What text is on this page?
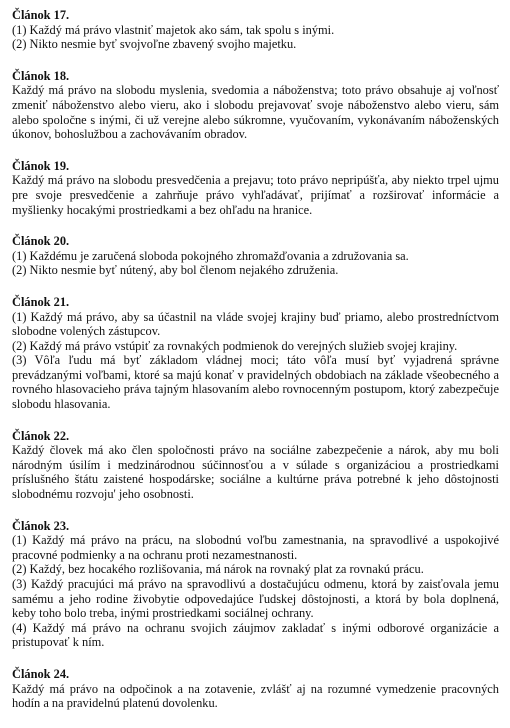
Článok 17.

(1) Každý má právo vlastniť majetok ako sám, tak spolu s inými.

(2) Nikto nesmie byť svojvoľne zbavený svojho majetku.

Článok 18.

Každý má právo na slobodu myslenia, svedomia a náboženstva; toto právo obsahuje aj voľnosť zmeniť náboženstvo alebo vieru, ako i slobodu prejavovať svoje náboženstvo alebo vieru, sám alebo spoločne s inými, či už verejne alebo súkromne, vyučovaním, vykonávaním náboženských úkonov, bohoslužbou a zachovávaním obradov.

Článok 19.

Každý má právo na slobodu presvedčenia a prejavu; toto právo nepripúšťa, aby niekto trpel ujmu pre svoje presvedčenie a zahrňuje právo vyhľadávať, prijímať a rozširovať informácie a myšlienky hocakými prostriedkami a bez ohľadu na hranice.

Článok 20.

(1) Každému je zaručená sloboda pokojného zhromažďovania a združovania sa.

(2) Nikto nesmie byť nútený, aby bol členom nejakého združenia.

Článok 21.

(1) Každý má právo, aby sa účastnil na vláde svojej krajiny buď priamo, alebo prostredníctvom slobodne volených zástupcov.

(2) Každý má právo vstúpiť za rovnakých podmienok do verejných služieb svojej krajiny.

(3) Vôľa ľudu má byť základom vládnej moci; táto vôľa musí byť vyjadrená správne prevádzanými voľbami, ktoré sa majú konať v pravidelných obdobiach na základe všeobecného a rovného hlasovacieho práva tajným hlasovaním alebo rovnocenným postupom, ktorý zabezpečuje slobodu hlasovania.

Článok 22.

Každý človek má ako člen spoločnosti právo na sociálne zabezpečenie a nárok, aby mu boli národným úsilím i medzinárodnou súčinnosťou a v súlade s organizáciou a prostriedkami príslušného štátu zaistené hospodárske; sociálne a kultúrne práva potrebné k jeho dôstojnosti slobodnému rozvoju' jeho osobnosti.

Článok 23.

(1) Každý má právo na prácu, na slobodnú voľbu zamestnania, na spravodlivé a uspokojivé pracovné podmienky a na ochranu proti nezamestnanosti.

(2) Každý, bez hocakého rozlišovania, má nárok na rovnaký plat za rovnakú prácu.

(3) Každý pracujúci má právo na spravodlivú a dostačujúcu odmenu, ktorá by zaisťovala jemu samému a jeho rodine živobytie odpovedajúce ľudskej dôstojnosti, a ktorá by bola doplnená, keby toho bolo treba, inými prostriedkami sociálnej ochrany.

(4) Každý má právo na ochranu svojich záujmov zakladať s inými odborové organizácie a pristupovať k ním.

Článok 24.

Každý má právo na odpočinok a na zotavenie, zvlášť aj na rozumné vymedzenie pracovných hodín a na pravidelnú platenú dovolenku.
